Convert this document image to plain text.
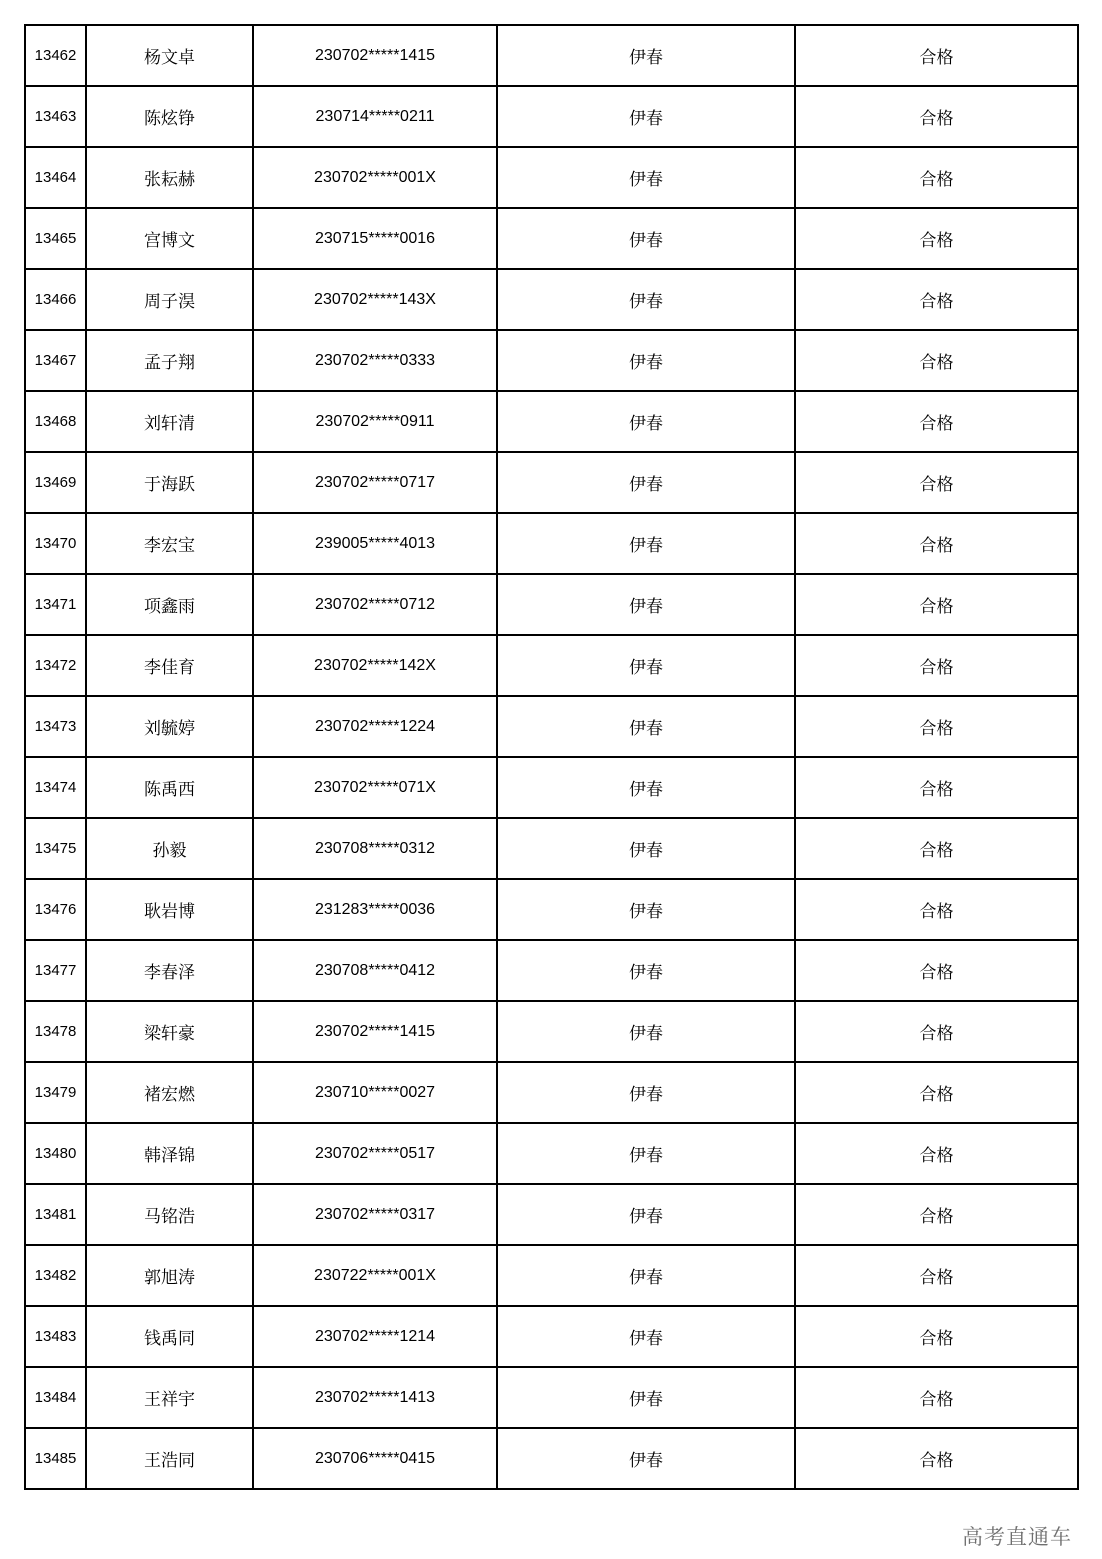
13462	杨文卓	230702*****1415	伊春	合格
13463	陈炫铮	230714*****0211	伊春	合格
13464	张耘赫	230702*****001X	伊春	合格
13465	宫博文	230715*****0016	伊春	合格
13466	周子淏	230702*****143X	伊春	合格
13467	孟子翔	230702*****0333	伊春	合格
13468	刘轩清	230702*****0911	伊春	合格
13469	于海跃	230702*****0717	伊春	合格
13470	李宏宝	239005*****4013	伊春	合格
13471	项鑫雨	230702*****0712	伊春	合格
13472	李佳育	230702*****142X	伊春	合格
13473	刘毓婷	230702*****1224	伊春	合格
13474	陈禹西	230702*****071X	伊春	合格
13475	孙毅	230708*****0312	伊春	合格
13476	耿岩博	231283*****0036	伊春	合格
13477	李春泽	230708*****0412	伊春	合格
13478	梁轩豪	230702*****1415	伊春	合格
13479	褚宏燃	230710*****0027	伊春	合格
13480	韩泽锦	230702*****0517	伊春	合格
13481	马铭浩	230702*****0317	伊春	合格
13482	郭旭涛	230722*****001X	伊春	合格
13483	钱禹同	230702*****1214	伊春	合格
13484	王祥宇	230702*****1413	伊春	合格
13485	王浩同	230706*****0415	伊春	合格
高考直通车
